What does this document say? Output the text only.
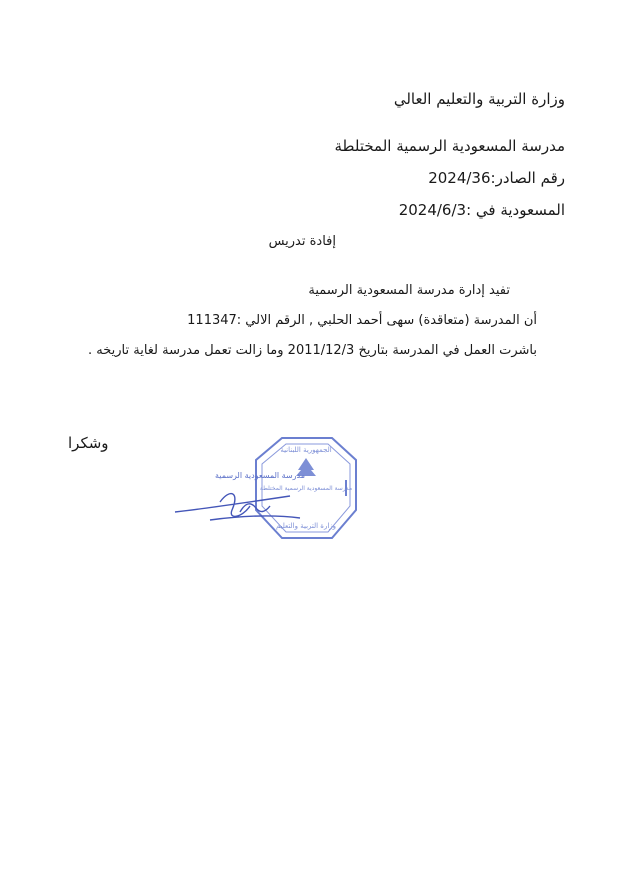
وزارة التربية والتعليم العالي
مدرسة المسعودية الرسمية المختلطة
رقم الصادر:2024/36
المسعودية في :2024/6/3
إفادة تدريس
تفيد إدارة مدرسة المسعودية الرسمية
أن المدرسة (متعاقدة) سهى أحمد الحلبي , الرقم الالي :111347
باشرت العمل في المدرسة بتاريخ 2011/12/3 وما زالت تعمل مدرسة لغاية تاريخه .
وشكرا
مدرسة المسعودية الرسمية المختلطة
الجمهورية اللبنانية
وزارة التربية والتعليم
مدرسة المسعودية الرسمية
